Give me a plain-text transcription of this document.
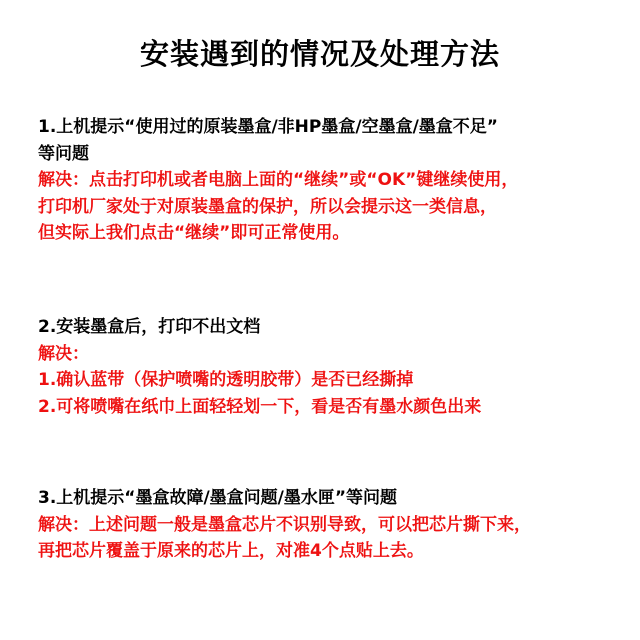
安装遇到的情况及处理方法
1.上机提示“使用过的原装墨盒/非HP墨盒/空墨盒/墨盒不足”
等问题
解决：点击打印机或者电脑上面的“继续”或“OK”键继续使用，
打印机厂家处于对原装墨盒的保护，所以会提示这一类信息，
但实际上我们点击“继续”即可正常使用。
2.安装墨盒后，打印不出文档
解决：
1.确认蓝带（保护喷嘴的透明胶带）是否已经撕掉
2.可将喷嘴在纸巾上面轻轻划一下，看是否有墨水颜色出来
3.上机提示“墨盒故障/墨盒问题/墨水匣”等问题
解决：上述问题一般是墨盒芯片不识别导致，可以把芯片撕下来，
再把芯片覆盖于原来的芯片上，对准4个点贴上去。
